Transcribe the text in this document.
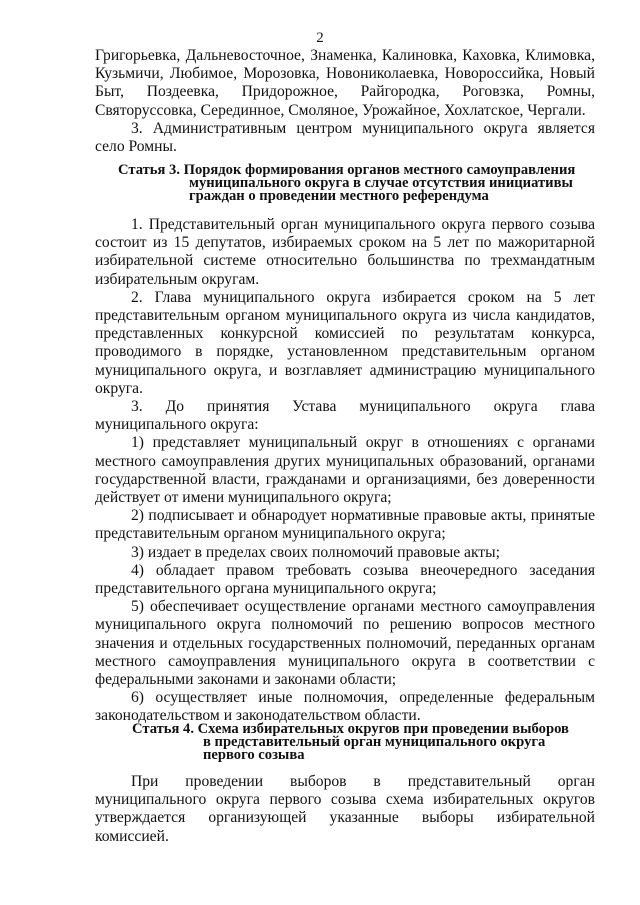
2

Григорьевка, Дальневосточное, Знаменка, Калиновка, Каховка, Климовка,

Кузьмичи, Любимое, Морозовка, Новониколаевка, Новороссийка, Новый

Быт, Поздеевка, Придорожное, Райгородка, Роговзка, Ромны,

Святоруссовка, Серединное, Смоляное, Урожайное, Хохлатское, Чергали.

3. Административным центром муниципального округа является село Ромны.

Статья 3. Порядок формирования органов местного самоуправления
муниципального округа в случае отсутствия инициативы
граждан о проведении местного референдума

1. Представительный орган муниципального округа первого созыва состоит из 15 депутатов, избираемых сроком на 5 лет по мажоритарной избирательной системе относительно большинства по трехмандатным избирательным округам.

2. Глава муниципального округа избирается сроком на 5 лет представительным органом муниципального округа из числа кандидатов, представленных конкурсной комиссией по результатам конкурса, проводимого в порядке, установленном представительным органом муниципального округа, и возглавляет администрацию муниципального округа.

3. До принятия Устава муниципального округа глава муниципального округа:

1) представляет муниципальный округ в отношениях с органами местного самоуправления других муниципальных образований, органами государственной власти, гражданами и организациями, без доверенности действует от имени муниципального округа;

2) подписывает и обнародует нормативные правовые акты, принятые представительным органом муниципального округа;

3) издает в пределах своих полномочий правовые акты;

4) обладает правом требовать созыва внеочередного заседания представительного органа муниципального округа;

5) обеспечивает осуществление органами местного самоуправления муниципального округа полномочий по решению вопросов местного значения и отдельных государственных полномочий, переданных органам местного самоуправления муниципального округа в соответствии с федеральными законами и законами области;

6) осуществляет иные полномочия, определенные федеральным законодательством и законодательством области.

Статья 4. Схема избирательных округов при проведении выборов
в представительный орган муниципального округа
первого созыва

При проведении выборов в представительный орган муниципального округа первого созыва схема избирательных округов утверждается организующей указанные выборы избирательной комиссией.
